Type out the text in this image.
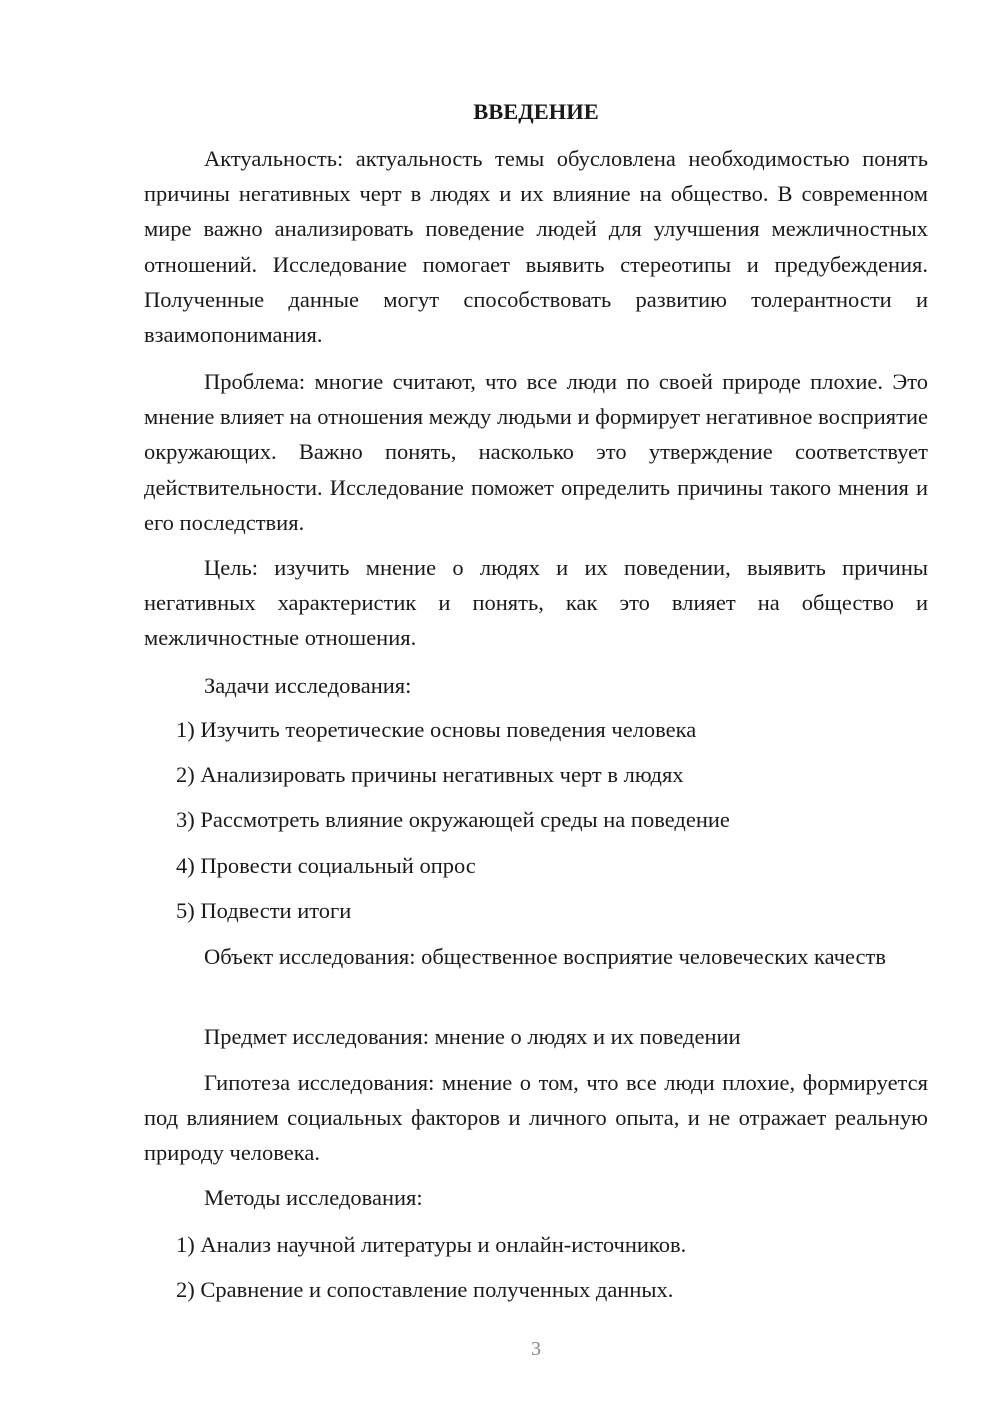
ВВЕДЕНИЕ

Актуальность: актуальность темы обусловлена необходимостью понять причины негативных черт в людях и их влияние на общество. В современном мире важно анализировать поведение людей для улучшения межличностных отношений. Исследование помогает выявить стереотипы и предубеждения. Полученные данные могут способствовать развитию толерантности и взаимопонимания.

Проблема: многие считают, что все люди по своей природе плохие. Это мнение влияет на отношения между людьми и формирует негативное восприятие окружающих. Важно понять, насколько это утверждение соответствует действительности. Исследование поможет определить причины такого мнения и его последствия.

Цель: изучить мнение о людях и их поведении, выявить причины негативных характеристик и понять, как это влияет на общество и межличностные отношения.

Задачи исследования:

1) Изучить теоретические основы поведения человека

2) Анализировать причины негативных черт в людях

3) Рассмотреть влияние окружающей среды на поведение

4) Провести социальный опрос

5) Подвести итоги

Объект исследования: общественное восприятие человеческих качеств

Предмет исследования: мнение о людях и их поведении

Гипотеза исследования: мнение о том, что все люди плохие, формируется под влиянием социальных факторов и личного опыта, и не отражает реальную природу человека.

Методы исследования:

1) Анализ научной литературы и онлайн-источников.

2) Сравнение и сопоставление полученных данных.

3
